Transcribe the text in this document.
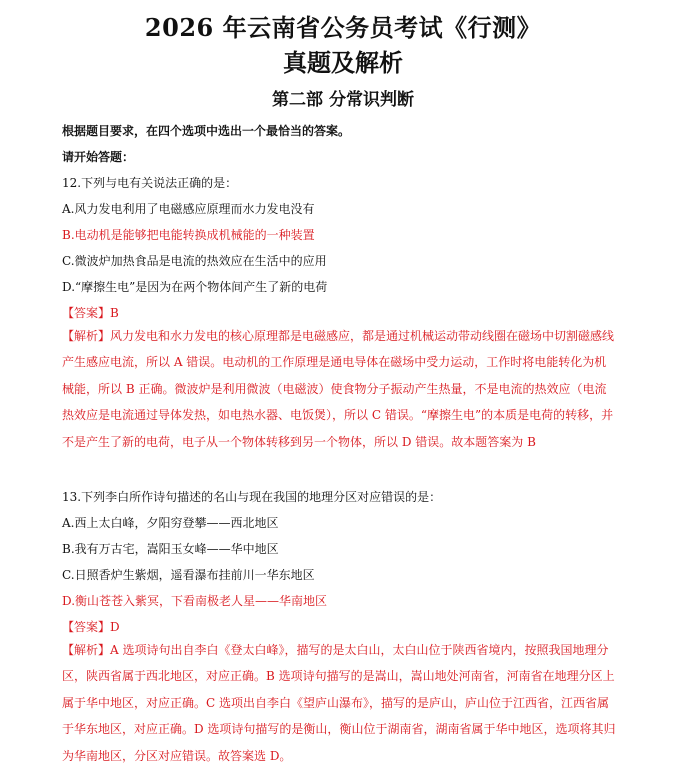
2026 年云南省公务员考试《行测》
真题及解析
第二部 分常识判断
根据题目要求，在四个选项中选出一个最恰当的答案。
请开始答题：
12.下列与电有关说法正确的是：
A.风力发电利用了电磁感应原理而水力发电没有
B.电动机是能够把电能转换成机械能的一种装置
C.微波炉加热食品是电流的热效应在生活中的应用
D.“摩擦生电”是因为在两个物体间产生了新的电荷
【答案】B
【解析】风力发电和水力发电的核心原理都是电磁感应，都是通过机械运动带动线圈在磁场中切割磁感线产生感应电流，所以 A 错误。电动机的工作原理是通电导体在磁场中受力运动，工作时将电能转化为机械能，所以 B 正确。微波炉是利用微波（电磁波）使食物分子振动产生热量，不是电流的热效应（电流热效应是电流通过导体发热，如电热水器、电饭煲），所以 C 错误。“摩擦生电”的本质是电荷的转移，并不是产生了新的电荷，电子从一个物体转移到另一个物体，所以 D 错误。故本题答案为 B
13.下列李白所作诗句描述的名山与现在我国的地理分区对应错误的是：
A.西上太白峰，夕阳穷登攀——西北地区
B.我有万古宅，嵩阳玉女峰——华中地区
C.日照香炉生紫烟，遥看瀑布挂前川一华东地区
D.衡山苍苍入紫冥，下看南极老人星——华南地区
【答案】D
【解析】A 选项诗句出自李白《登太白峰》，描写的是太白山，太白山位于陕西省境内，按照我国地理分区，陕西省属于西北地区，对应正确。B 选项诗句描写的是嵩山，嵩山地处河南省，河南省在地理分区上属于华中地区，对应正确。C 选项出自李白《望庐山瀑布》，描写的是庐山，庐山位于江西省，江西省属于华东地区，对应正确。D 选项诗句描写的是衡山，衡山位于湖南省，湖南省属于华中地区，选项将其归为华南地区，分区对应错误。故答案选 D。
